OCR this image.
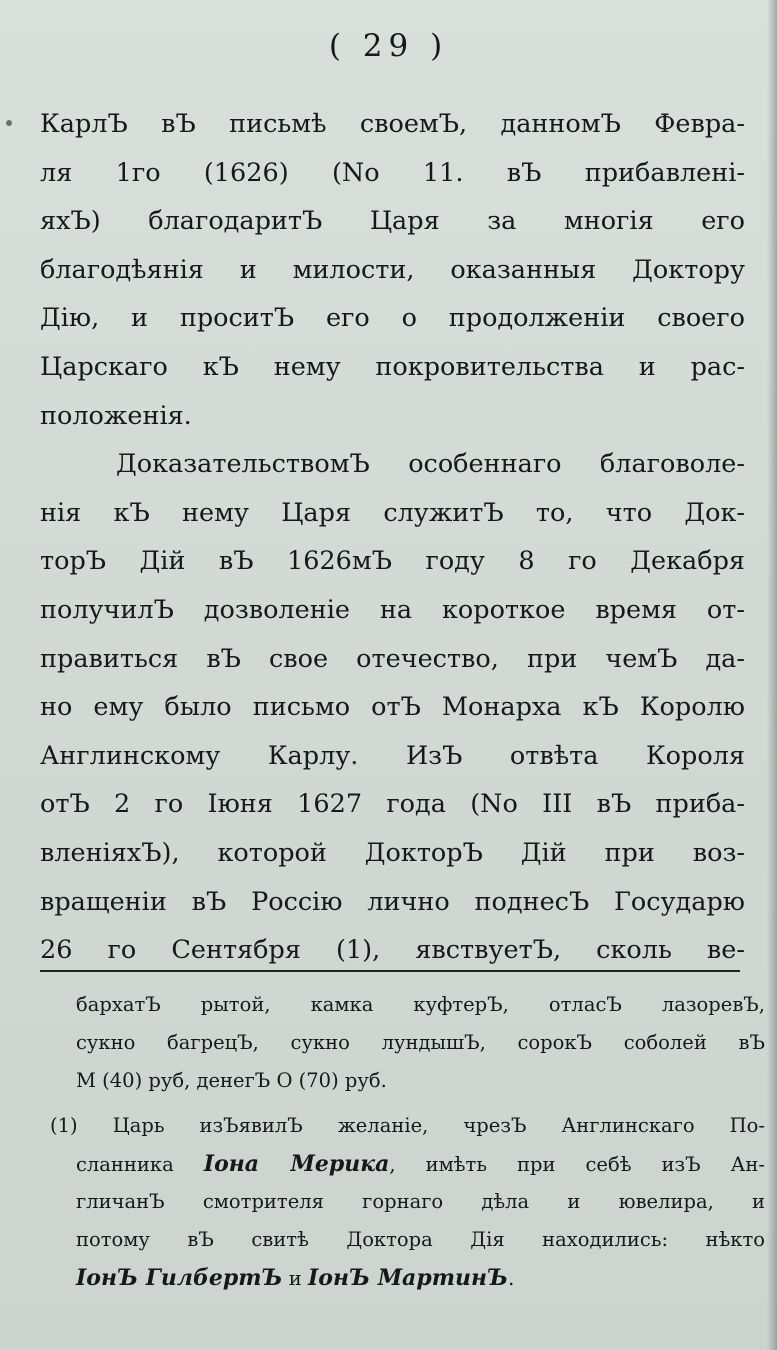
( 29 )
КарлЪ вЪ письмѣ своемЪ, данномЪ Февра-
ля 1го (1626) (No 11. вЪ прибавлені-
яхЪ) благодаритЪ Царя за многія его
благодѣянія и милости, оказанныя Доктору
Дію, и проситЪ его о продолженіи своего
Царскаго кЪ нему покровительства и рас-
положенія.
ДоказательствомЪ особеннаго благоволе-
нія кЪ нему Царя служитЪ то, что Док-
торЪ Дій вЪ 1626мЪ году 8 го Декабря
получилЪ дозволеніе на короткое время от-
правиться вЪ свое отечество, при чемЪ да-
но ему было письмо отЪ Монарха кЪ Королю
Англинскому Карлу. ИзЪ отвѣта Короля
отЪ 2 го Іюня 1627 года (No III вЪ приба-
вленіяхЪ), которой ДокторЪ Дій при воз-
вращеніи вЪ Россію лично поднесЪ Государю
26 го Сентября (1), явствуетЪ, сколь ве-
бархатЪ рытой, камка куфтерЪ, отласЪ лазоревЪ,
сукно багрецЪ, сукно лундышЪ, сорокЪ соболей вЪ
М (40) руб, денегЪ О (70) руб.
(1) Царь изЪявилЪ желаніе, чрезЪ Англинскаго По-
сланника Іона Мерика, имѣть при себѣ изЪ Ан-
гличанЪ смотрителя горнаго дѣла и ювелира, и
потому вЪ свитѣ Доктора Дія находились: нѣкто
ІонЪ ГилбертЪ и ІонЪ МартинЪ.
